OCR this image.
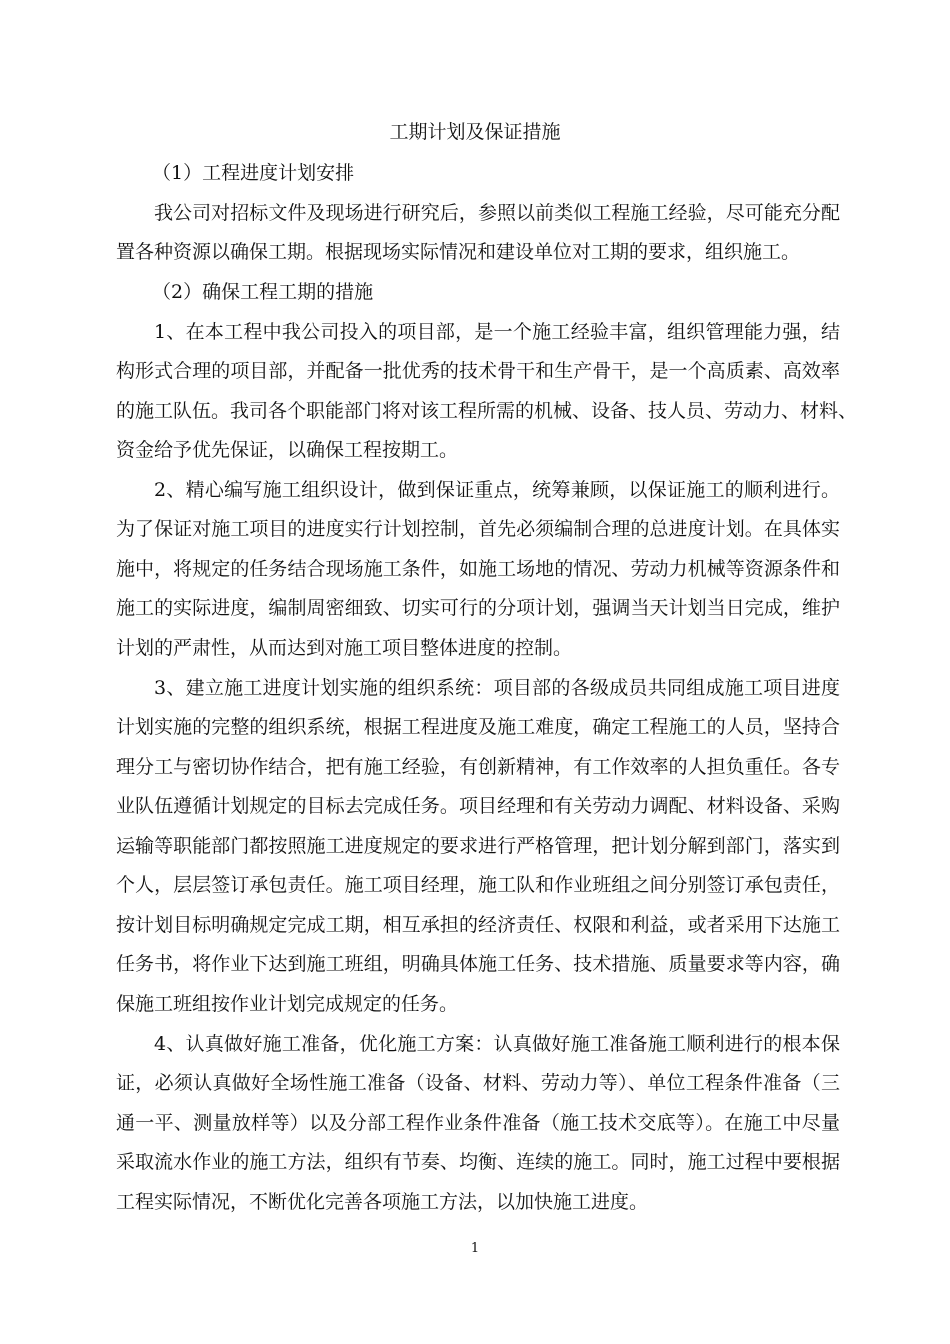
工期计划及保证措施
（1）工程进度计划安排
我公司对招标文件及现场进行研究后，参照以前类似工程施工经验，尽可能充分配
置各种资源以确保工期。根据现场实际情况和建设单位对工期的要求，组织施工。
（2）确保工程工期的措施
1、在本工程中我公司投入的项目部，是一个施工经验丰富，组织管理能力强，结
构形式合理的项目部，并配备一批优秀的技术骨干和生产骨干，是一个高质素、高效率
的施工队伍。我司各个职能部门将对该工程所需的机械、设备、技人员、劳动力、材料、
资金给予优先保证，以确保工程按期工。
2、精心编写施工组织设计，做到保证重点，统筹兼顾，以保证施工的顺利进行。
为了保证对施工项目的进度实行计划控制，首先必须编制合理的总进度计划。在具体实
施中，将规定的任务结合现场施工条件，如施工场地的情况、劳动力机械等资源条件和
施工的实际进度，编制周密细致、切实可行的分项计划，强调当天计划当日完成，维护
计划的严肃性，从而达到对施工项目整体进度的控制。
3、建立施工进度计划实施的组织系统：项目部的各级成员共同组成施工项目进度
计划实施的完整的组织系统，根据工程进度及施工难度，确定工程施工的人员，坚持合
理分工与密切协作结合，把有施工经验，有创新精神，有工作效率的人担负重任。各专
业队伍遵循计划规定的目标去完成任务。项目经理和有关劳动力调配、材料设备、采购
运输等职能部门都按照施工进度规定的要求进行严格管理，把计划分解到部门，落实到
个人，层层签订承包责任。施工项目经理，施工队和作业班组之间分别签订承包责任，
按计划目标明确规定完成工期，相互承担的经济责任、权限和利益，或者采用下达施工
任务书，将作业下达到施工班组，明确具体施工任务、技术措施、质量要求等内容，确
保施工班组按作业计划完成规定的任务。
4、认真做好施工准备，优化施工方案：认真做好施工准备施工顺利进行的根本保
证，必须认真做好全场性施工准备（设备、材料、劳动力等）、单位工程条件准备（三
通一平、测量放样等）以及分部工程作业条件准备（施工技术交底等）。在施工中尽量
采取流水作业的施工方法，组织有节奏、均衡、连续的施工。同时，施工过程中要根据
工程实际情况，不断优化完善各项施工方法，以加快施工进度。
1
